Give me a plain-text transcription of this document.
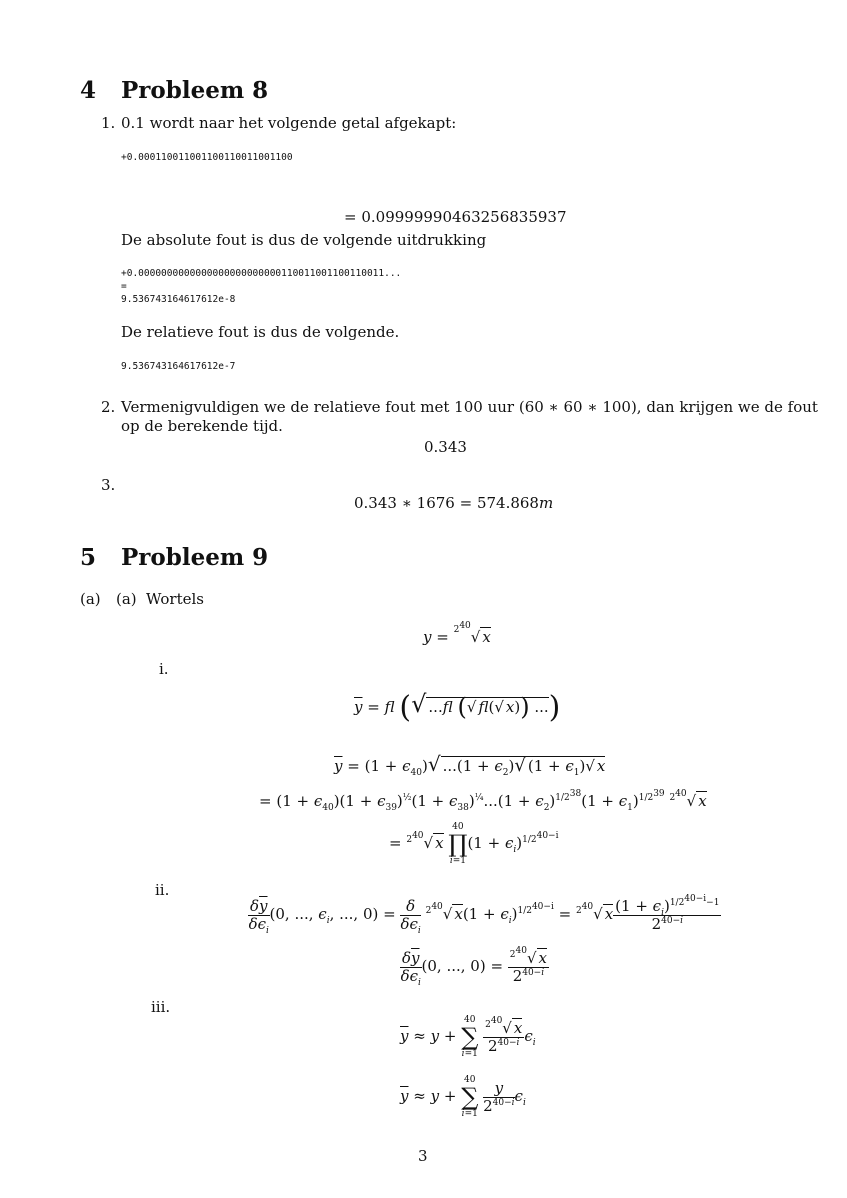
4 Probleem 8
1. 0.1 wordt naar het volgende getal afgekapt:
+0.000110011001100110011001100
= 0.0999999046325683593​7
De absolute fout is dus de volgende uitdrukking
+0.0000000000000000000000000110011001100110011...
=
9.536743164617612e-8
De relatieve fout is dus de volgende.
9.536743164617612e-7
2. Vermenigvuldigen we de relatieve fout met 100 uur (60 ∗ 60 ∗ 100), dan krijgen we de fout
op de berekende tijd.
0.343
3.
0.343 ∗ 1676 = 574.868m
5 Probleem 9
(a) (a) Wortels
y = $^{2^{40}}$√ x
i.
$\overline{y}$ = fl (√ ...fl (√ fl(√ x)) ...)
$\overline{y} = (1 + \epsilon_{40})√$ $...(1 + \epsilon_2)√$ $(1 + \epsilon_1)√$ x
= $(1 + \epsilon_{40})(1 + \epsilon_{39})^{\frac{1}{2}}(1 + \epsilon_{38})^{\frac{1}{4}}...(1 + \epsilon_2)^{1/2^{38}}(1 + \epsilon_1)^{1/2^{39}}$ $^{2^{40}}$√ x
= $^{2^{40}}$√ x
40
∏
i=1
$(1 + \epsilon_i)^{1/2^{40-i}}$
ii.
$\frac{\delta\overline{y}}{\delta\epsilon_i} (0$, ..., $\epsilon_i$, ..., $0) = \frac{\delta}{\delta\epsilon_i} ^{2^{40}}√$ $x(1 + \epsilon_i)^{1/2^{40-i}} = ^{2^{40}}√$ x $\frac{(1 + \epsilon_i)^{1/2^{40-i}-1}}{2^{40-i}}$
$\frac{\delta\overline{y}}{\delta\epsilon_i} (0$, ..., $0) = \frac{^{2^{40}}√ x}{2^{40-i}}$
iii.
$\overline{y} \approx y$ +
40
∑
i=1
$\frac{^{2^{40}}√ x}{2^{40-i}} \epsilon_i$
$\overline{y} \approx y$ +
40
∑
i=1
$\frac{y}{2^{40-i}} \epsilon_i$
3
